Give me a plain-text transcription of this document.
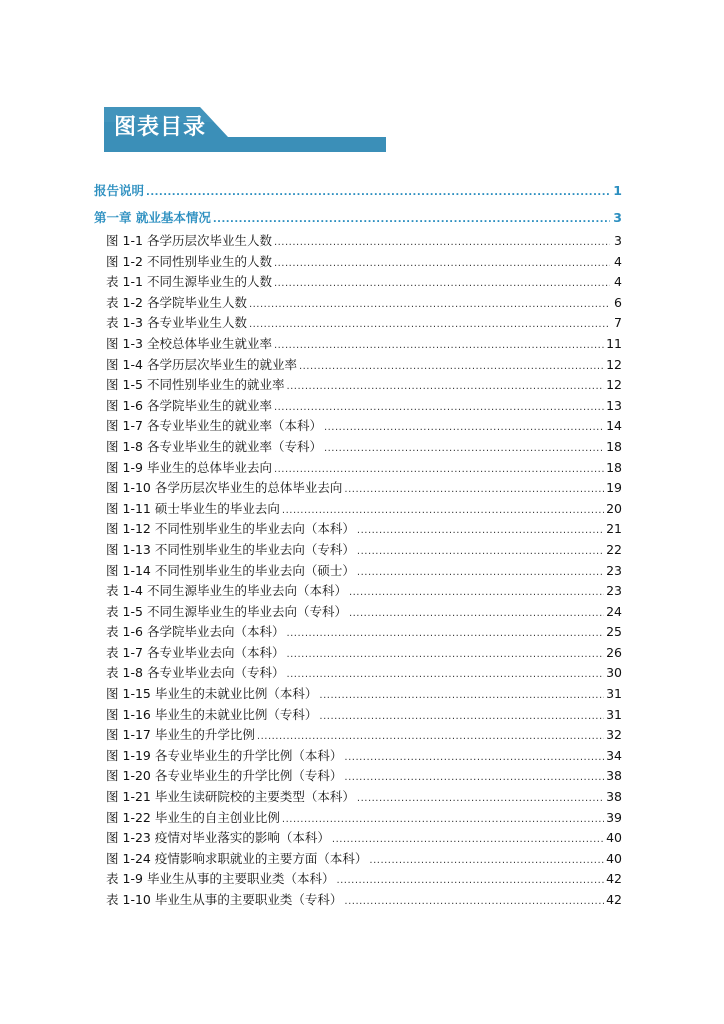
图表目录
报告说明 .....	1
第一章 就业基本情况 .....	3
图 1-1 各学历层次毕业生人数 .....	3
图 1-2 不同性别毕业生的人数 .....	4
表 1-1 不同生源毕业生的人数 .....	4
表 1-2 各学院毕业生人数 .....	6
表 1-3 各专业毕业生人数 .....	7
图 1-3 全校总体毕业生就业率 .....	11
图 1-4 各学历层次毕业生的就业率 .....	12
图 1-5 不同性别毕业生的就业率 .....	12
图 1-6 各学院毕业生的就业率 .....	13
图 1-7 各专业毕业生的就业率（本科） .....	14
图 1-8 各专业毕业生的就业率（专科） .....	18
图 1-9 毕业生的总体毕业去向 .....	18
图 1-10 各学历层次毕业生的总体毕业去向 .....	19
图 1-11 硕士毕业生的毕业去向 .....	20
图 1-12 不同性别毕业生的毕业去向（本科） .....	21
图 1-13 不同性别毕业生的毕业去向（专科） .....	22
图 1-14 不同性别毕业生的毕业去向（硕士） .....	23
表 1-4 不同生源毕业生的毕业去向（本科） .....	23
表 1-5 不同生源毕业生的毕业去向（专科） .....	24
表 1-6 各学院毕业去向（本科） .....	25
表 1-7 各专业毕业去向（本科） .....	26
表 1-8 各专业毕业去向（专科） .....	30
图 1-15 毕业生的未就业比例（本科） .....	31
图 1-16 毕业生的未就业比例（专科） .....	31
图 1-17 毕业生的升学比例 .....	32
图 1-19 各专业毕业生的升学比例（本科） .....	34
图 1-20 各专业毕业生的升学比例（专科） .....	38
图 1-21 毕业生读研院校的主要类型（本科） .....	38
图 1-22 毕业生的自主创业比例 .....	39
图 1-23 疫情对毕业落实的影响（本科） .....	40
图 1-24 疫情影响求职就业的主要方面（本科） .....	40
表 1-9 毕业生从事的主要职业类（本科） .....	42
表 1-10 毕业生从事的主要职业类（专科） .....	42
